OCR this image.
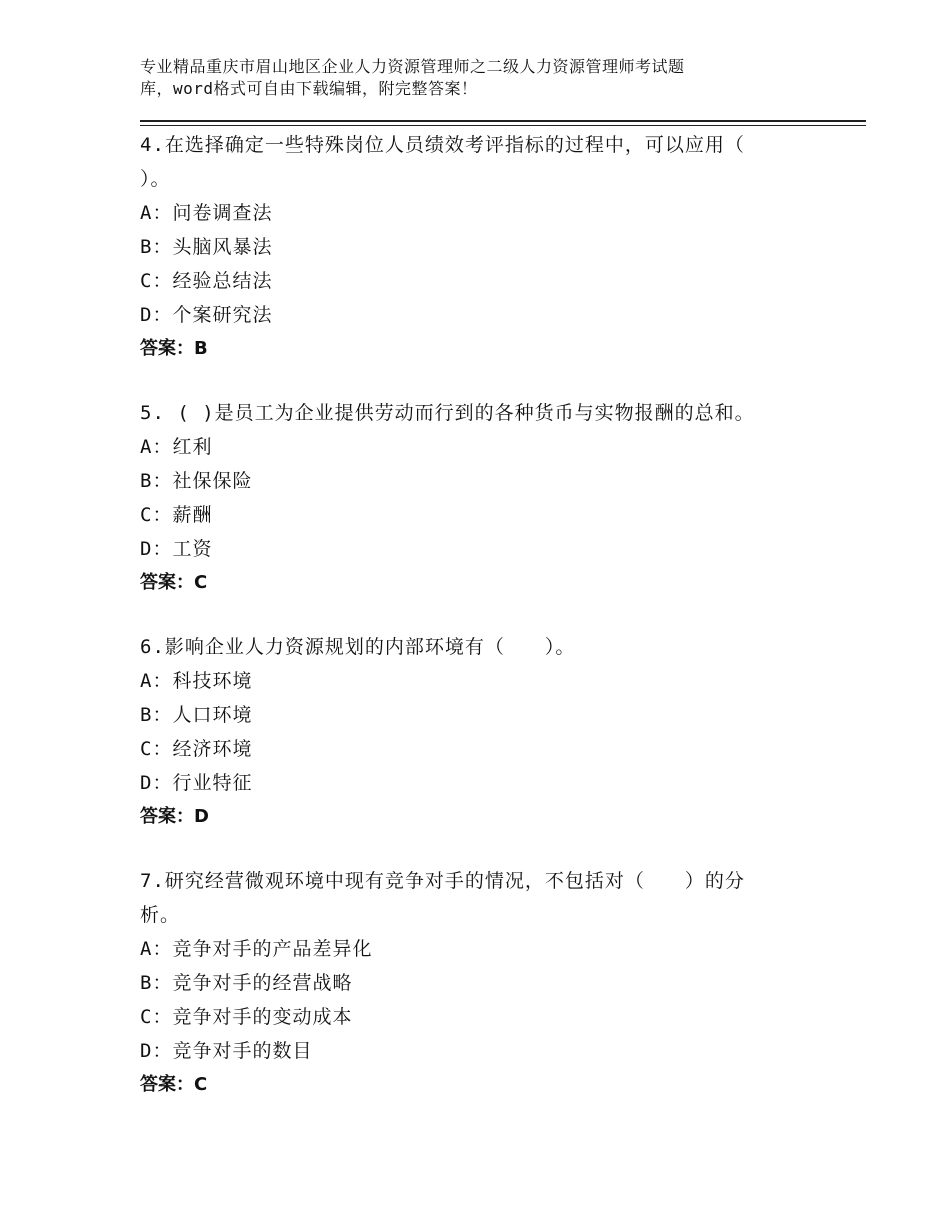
专业精品重庆市眉山地区企业人力资源管理师之二级人力资源管理师考试题
库，word格式可自由下载编辑，附完整答案！
4.在选择确定一些特殊岗位人员绩效考评指标的过程中，可以应用（
）。
A：问卷调查法
B：头脑风暴法
C：经验总结法
D：个案研究法
答案：B
5. ( )是员工为企业提供劳动而行到的各种货币与实物报酬的总和。
A：红利
B：社保保险
C：薪酬
D：工资
答案：C
6.影响企业人力资源规划的内部环境有（　　）。
A：科技环境
B：人口环境
C：经济环境
D：行业特征
答案：D
7.研究经营微观环境中现有竞争对手的情况，不包括对（　　）的分
析。
A：竞争对手的产品差异化
B：竞争对手的经营战略
C：竞争对手的变动成本
D：竞争对手的数目
答案：C
